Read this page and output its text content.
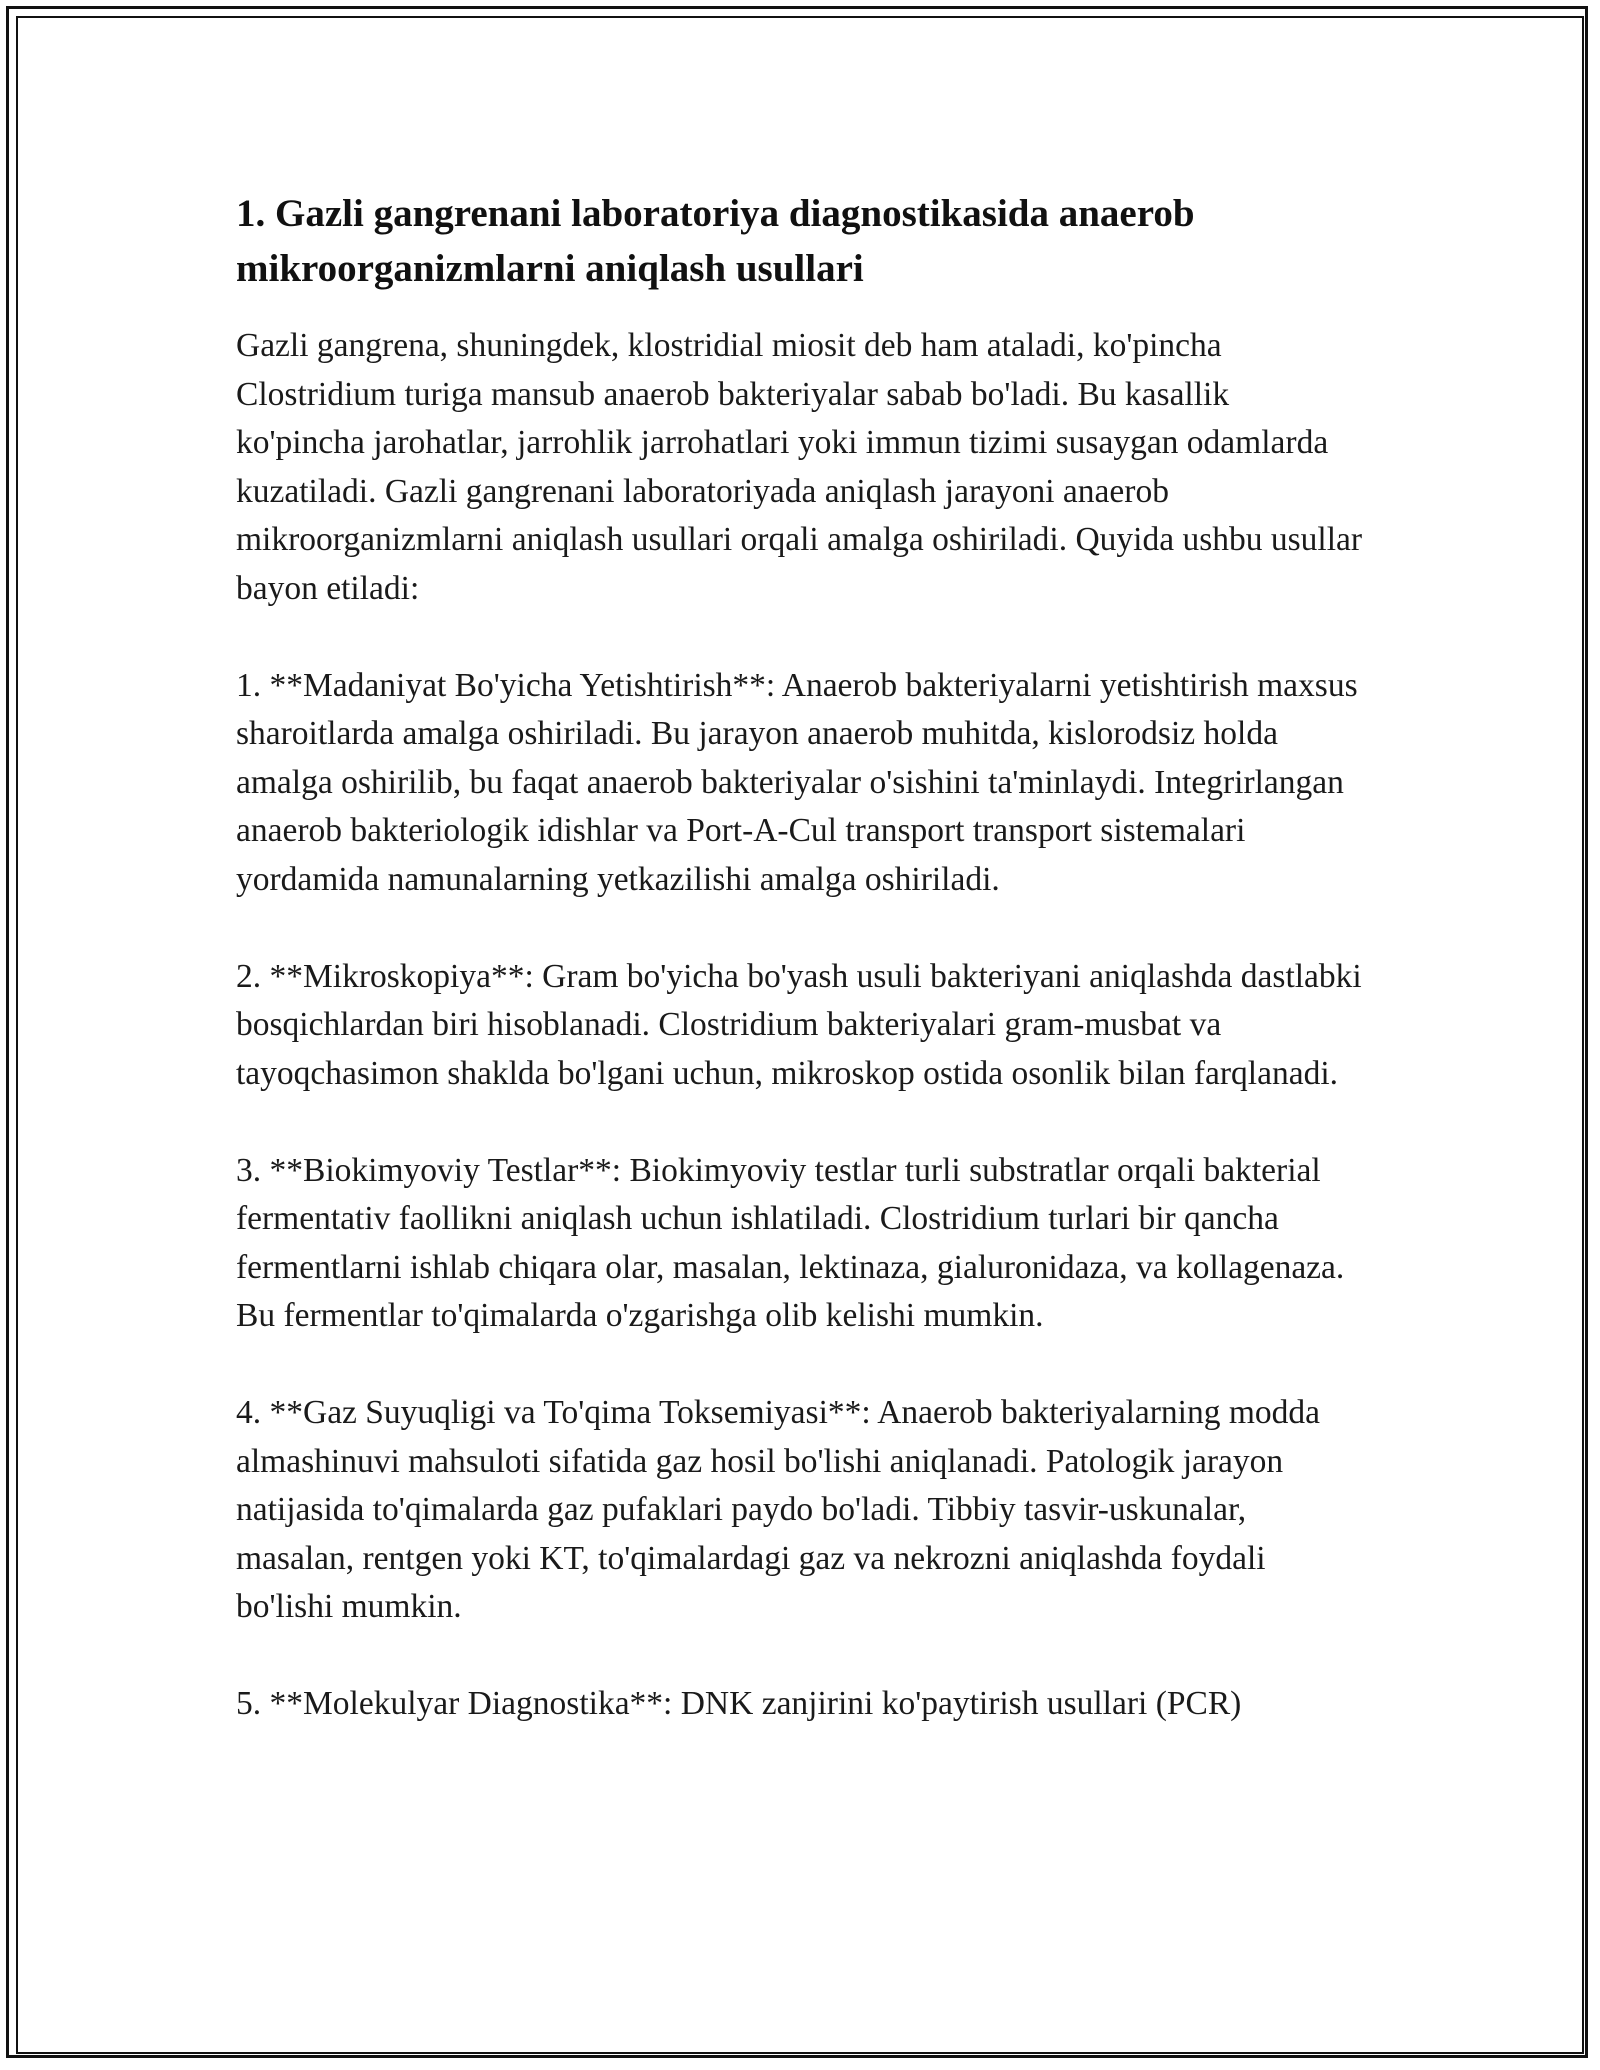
1. Gazli gangrenani laboratoriya diagnostikasida anaerob mikroorganizmlarni aniqlash usullari

Gazli gangrena, shuningdek, klostridial miosit deb ham ataladi, ko'pincha Clostridium turiga mansub anaerob bakteriyalar sabab bo'ladi. Bu kasallik ko'pincha jarohatlar, jarrohlik jarrohatlari yoki immun tizimi susaygan odamlarda kuzatiladi. Gazli gangrenani laboratoriyada aniqlash jarayoni anaerob mikroorganizmlarni aniqlash usullari orqali amalga oshiriladi. Quyida ushbu usullar bayon etiladi:

1. **Madaniyat Bo'yicha Yetishtirish**: Anaerob bakteriyalarni yetishtirish maxsus sharoitlarda amalga oshiriladi. Bu jarayon anaerob muhitda, kislorodsiz holda amalga oshirilib, bu faqat anaerob bakteriyalar o'sishini ta'minlaydi. Integrirlangan anaerob bakteriologik idishlar va Port-A-Cul transport transport sistemalari yordamida namunalarning yetkazilishi amalga oshiriladi.

2. **Mikroskopiya**: Gram bo'yicha bo'yash usuli bakteriyani aniqlashda dastlabki bosqichlardan biri hisoblanadi. Clostridium bakteriyalari gram-musbat va tayoqchasimon shaklda bo'lgani uchun, mikroskop ostida osonlik bilan farqlanadi.

3. **Biokimyoviy Testlar**: Biokimyoviy testlar turli substratlar orqali bakterial fermentativ faollikni aniqlash uchun ishlatiladi. Clostridium turlari bir qancha fermentlarni ishlab chiqara olar, masalan, lektinaza, gialuronidaza, va kollagenaza. Bu fermentlar to'qimalarda o'zgarishga olib kelishi mumkin.

4. **Gaz Suyuqligi va To'qima Toksemiyasi**: Anaerob bakteriyalarning modda almashinuvi mahsuloti sifatida gaz hosil bo'lishi aniqlanadi. Patologik jarayon natijasida to'qimalarda gaz pufaklari paydo bo'ladi. Tibbiy tasvir-uskunalar, masalan, rentgen yoki KT, to'qimalardagi gaz va nekrozni aniqlashda foydali bo'lishi mumkin.

5. **Molekulyar Diagnostika**: DNK zanjirini ko'paytirish usullari (PCR)
